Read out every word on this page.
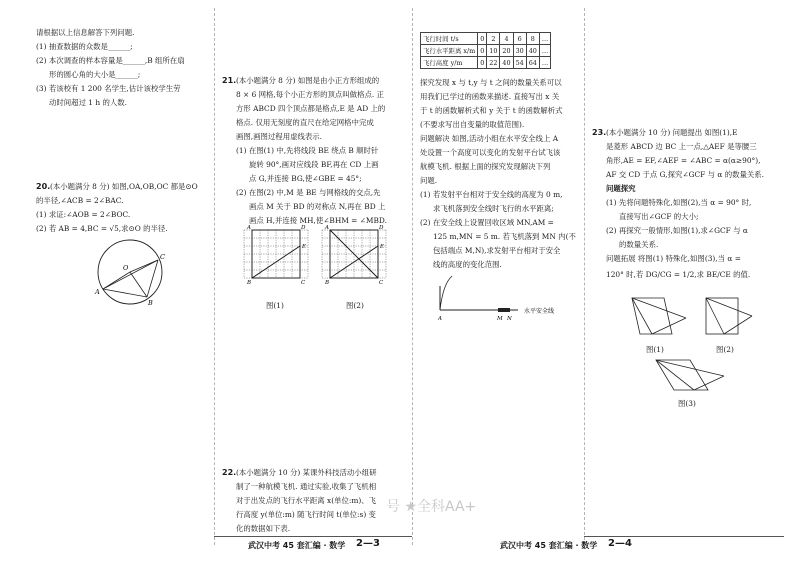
请根据以上信息解答下列问题.
(1) 抽查数据的众数是______;
(2) 本次调查的样本容量是______,B 组所在扇
形的圆心角的大小是______;
(3) 若该校有 1 200 名学生,估计该校学生劳
动时间超过 1 h 的人数.
20. (本小题满分 8 分) 如图,OA,OB,OC 都是⊙O
的半径,∠ACB = 2∠BAC.
(1) 求证:∠AOB = 2∠BOC.
(2) 若 AB = 4,BC = √5,求⊙O 的半径.
A
B
C
O
21. (本小题满分 8 分) 如图是由小正方形组成的
8 × 6 网格,每个小正方形的顶点叫做格点. 正
方形 ABCD 四个顶点都是格点,E 是 AD 上的
格点. 仅用无刻度的直尺在给定网格中完成
画图,画图过程用虚线表示.
(1) 在图(1) 中,先将线段 BE 绕点 B 顺时针
旋转 90°,画对应线段 BF,再在 CD 上画
点 G,并连接 BG,使∠GBE = 45°;
(2) 在图(2) 中,M 是 BE 与网格线的交点,先
画点 M 关于 BD 的对称点 N,再在 BD 上
画点 H,并连接 MH,使∠BHM = ∠MBD.
A	D
E
B	C
图(1)
A	D
E
B	C
图(2)
22. (本小题满分 10 分) 某课外科技活动小组研
制了一种航模飞机. 通过实验,收集了飞机相
对于出发点的飞行水平距离 x(单位:m)、飞
行高度 y(单位:m) 随飞行时间 t(单位:s) 变
化的数据如下表.
飞行时间 t/s	0	2	4	6	8	…
飞行水平距离 x/m	0	10	20	30	40	…
飞行高度 y/m	0	22	40	54	64	…
探究发现 x 与 t,y 与 t 之间的数量关系可以
用我们已学过的函数来描述. 直接写出 x 关
于 t 的函数解析式和 y 关于 t 的函数解析式
(不要求写出自变量的取值范围).
问题解决 如图,活动小组在水平安全线上 A
处设置一个高度可以变化的发射平台试飞该
航模飞机. 根据上面的探究发现解决下列
问题.
(1) 若发射平台相对于安全线的高度为 0 m,
求飞机落到安全线时飞行的水平距离;
(2) 在安全线上设置回收区域 MN,AM =
125 m,MN = 5 m. 若飞机落到 MN 内(不
包括端点 M,N),求发射平台相对于安全
线的高度的变化范围.
A	M N
水平安全线
23. (本小题满分 10 分) 问题提出 如图(1),E
是菱形 ABCD 边 BC 上一点,△AEF 是等腰三
角形,AE = EF,∠AEF = ∠ABC = α(α≥90°),
AF 交 CD 于点 G,探究∠GCF 与 α 的数量关系.
问题探究
(1) 先将问题特殊化,如图(2),当 α = 90° 时,
直接写出∠GCF 的大小;
(2) 再探究一般情形,如图(1),求∠GCF 与 α
的数量关系.
问题拓展 将图(1) 特殊化,如图(3),当 α =
120° 时,若 DG/CG = 1/2,求 BE/CE 的值.
图(1)	图(2)
图(3)
号 ★全科AA+
武汉中考 45 套汇编 · 数学 2—3	武汉中考 45 套汇编 · 数学 2—4
